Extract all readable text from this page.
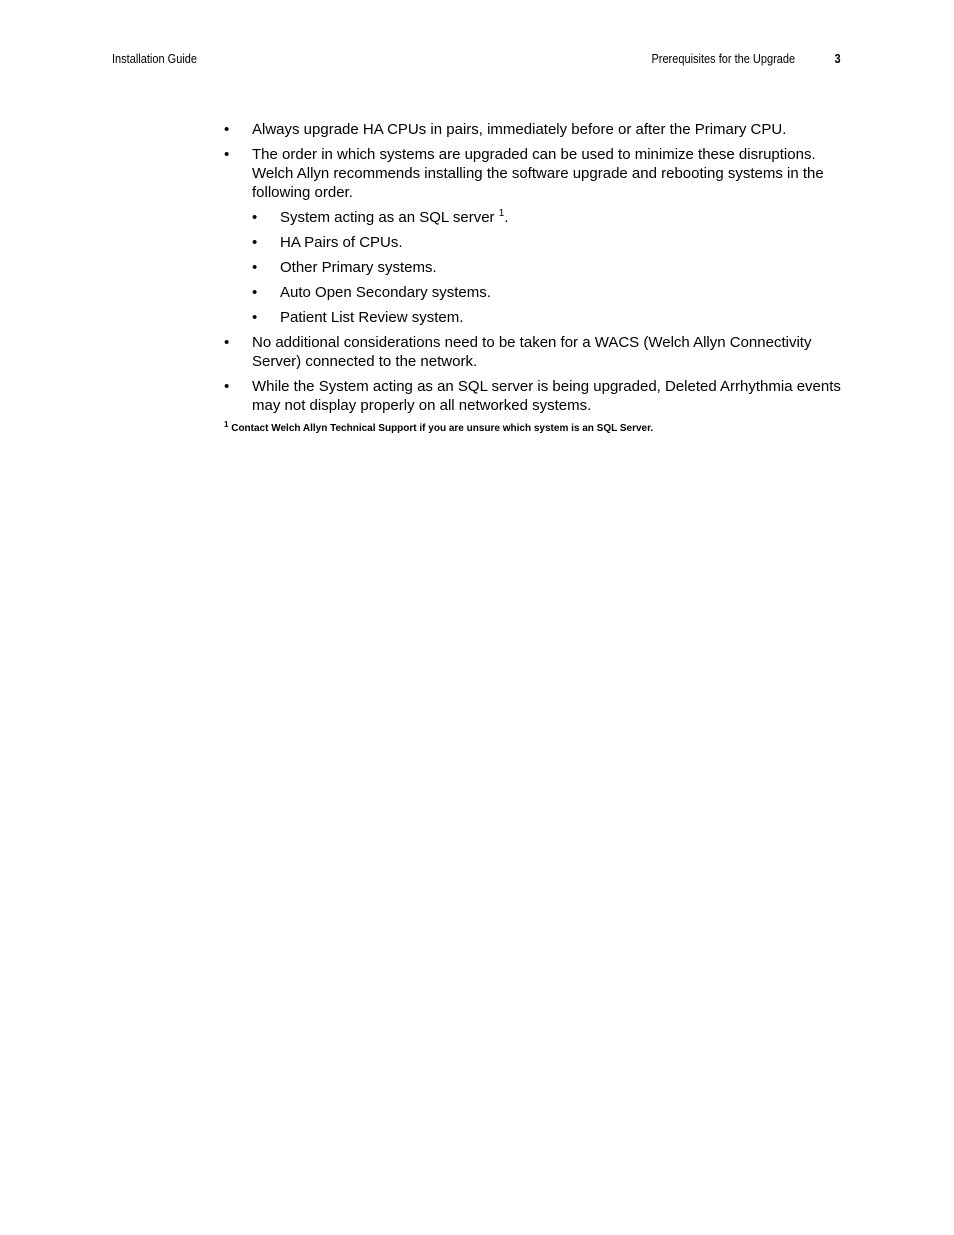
Installation Guide	Prerequisites for the Upgrade	3
•	Always upgrade HA CPUs in pairs, immediately before or after the Primary CPU.
•	The order in which systems are upgraded can be used to minimize these disruptions. Welch Allyn recommends installing the software upgrade and rebooting systems in the following order.
•	System acting as an SQL server $^1$.
•	HA Pairs of CPUs.
•	Other Primary systems.
•	Auto Open Secondary systems.
•	Patient List Review system.
•	No additional considerations need to be taken for a WACS (Welch Allyn Connectivity Server) connected to the network.
•	While the System acting as an SQL server is being upgraded, Deleted Arrhythmia events may not display properly on all networked systems.
$^1$ Contact Welch Allyn Technical Support if you are unsure which system is an SQL Server.
